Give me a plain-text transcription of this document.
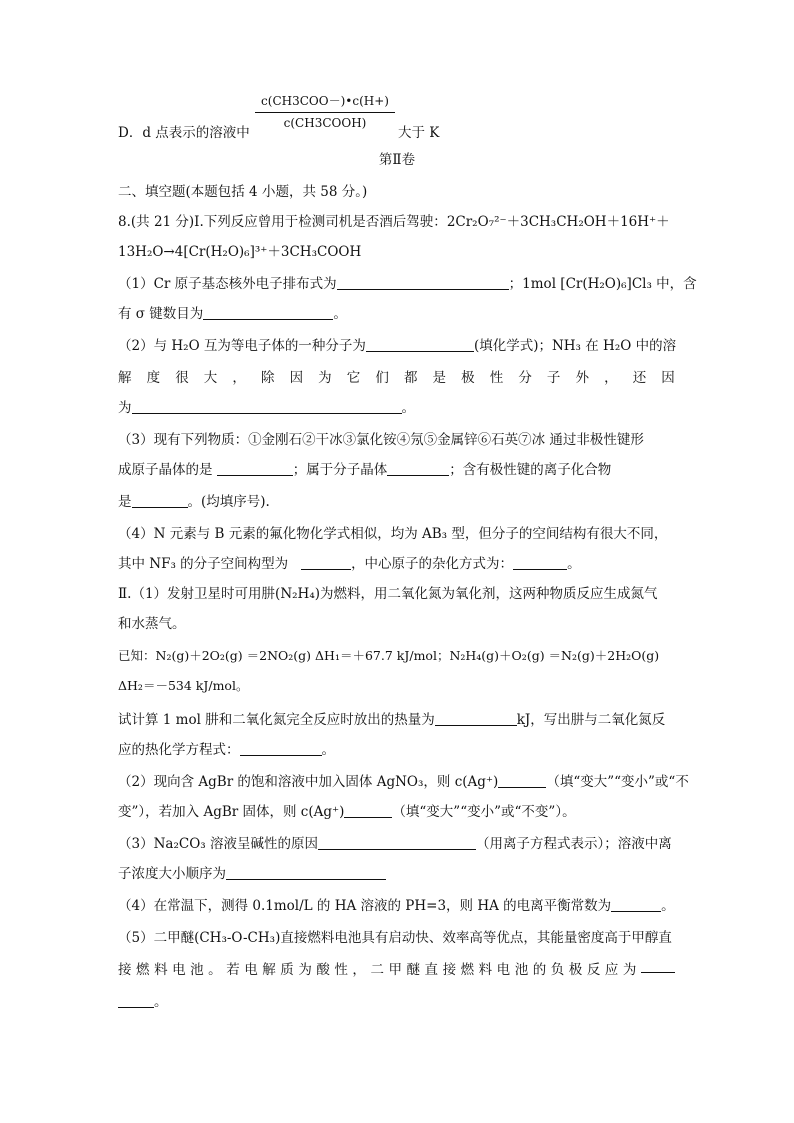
c(CH3COO－)•c(H+)
c(CH3COOH)
D．d 点表示的溶液中	大于 K
第Ⅱ卷
二、填空题(本题包括 4 小题，共 58 分。)
8.(共 21 分)Ⅰ.下列反应曾用于检测司机是否酒后驾驶：2Cr₂O₇²⁻＋3CH₃CH₂OH＋16H⁺＋
13H₂O→4[Cr(H₂O)₆]³⁺＋3CH₃COOH
（1）Cr 原子基态核外电子排布式为	；1mol [Cr(H₂O)₆]Cl₃ 中，含
有 σ 键数目为	。
（2）与 H₂O 互为等电子体的一种分子为	(填化学式)；NH₃ 在 H₂O 中的溶
解 度 很 大 ， 除 因 为 它 们 都 是 极 性 分 子 外 ， 还 因
为	。
（3）现有下列物质：①金刚石②干冰③氯化铵④氖⑤金属锌⑥石英⑦冰 通过非极性键形
成原子晶体的是	；属于分子晶体	；含有极性键的离子化合物
是	。(均填序号).
（4）N 元素与 B 元素的氟化物化学式相似，均为 AB₃ 型，但分子的空间结构有很大不同，
其中 NF₃ 的分子空间构型为	，中心原子的杂化方式为：	。
Ⅱ.（1）发射卫星时可用肼(N₂H₄)为燃料，用二氧化氮为氧化剂，这两种物质反应生成氮气
和水蒸气。
已知：N₂(g)＋2O₂(g) ＝2NO₂(g) ΔH₁＝＋67.7 kJ/mol；N₂H₄(g)＋O₂(g) ＝N₂(g)＋2H₂O(g)
ΔH₂＝－534 kJ/mol。
试计算 1 mol 肼和二氧化氮完全反应时放出的热量为	kJ，写出肼与二氧化氮反
应的热化学方程式：	。
（2）现向含 AgBr 的饱和溶液中加入固体 AgNO₃，则 c(Ag⁺)	（填“变大”“变小”或“不
变”），若加入 AgBr 固体，则 c(Ag⁺)	（填“变大”“变小”或“不变”）。
（3）Na₂CO₃ 溶液呈碱性的原因	（用离子方程式表示）；溶液中离
子浓度大小顺序为
（4）在常温下，测得 0.1mol/L 的 HA 溶液的 PH=3，则 HA 的电离平衡常数为	。
（5）二甲醚(CH₃-O-CH₃)直接燃料电池具有启动快、效率高等优点，其能量密度高于甲醇直
接 燃 料 电 池 。 若 电 解 质 为 酸 性 ， 二 甲 醚 直 接 燃 料 电 池 的 负 极 反 应 为
。
